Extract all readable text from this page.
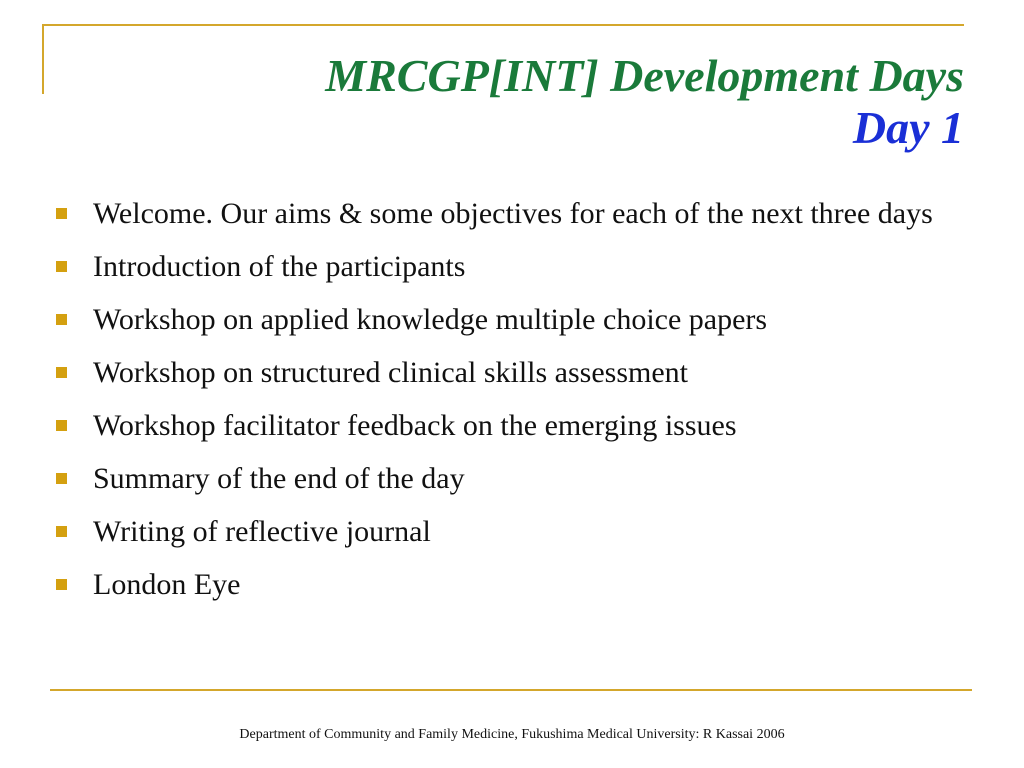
MRCGP[INT] Development Days
Day 1
Welcome. Our aims & some objectives for each of the next three days
Introduction of the participants
Workshop on applied knowledge multiple choice papers
Workshop on structured clinical skills assessment
Workshop facilitator feedback on the emerging issues
Summary of the end of the day
Writing of reflective journal
London Eye
Department of Community and Family Medicine, Fukushima Medical University: R Kassai 2006
